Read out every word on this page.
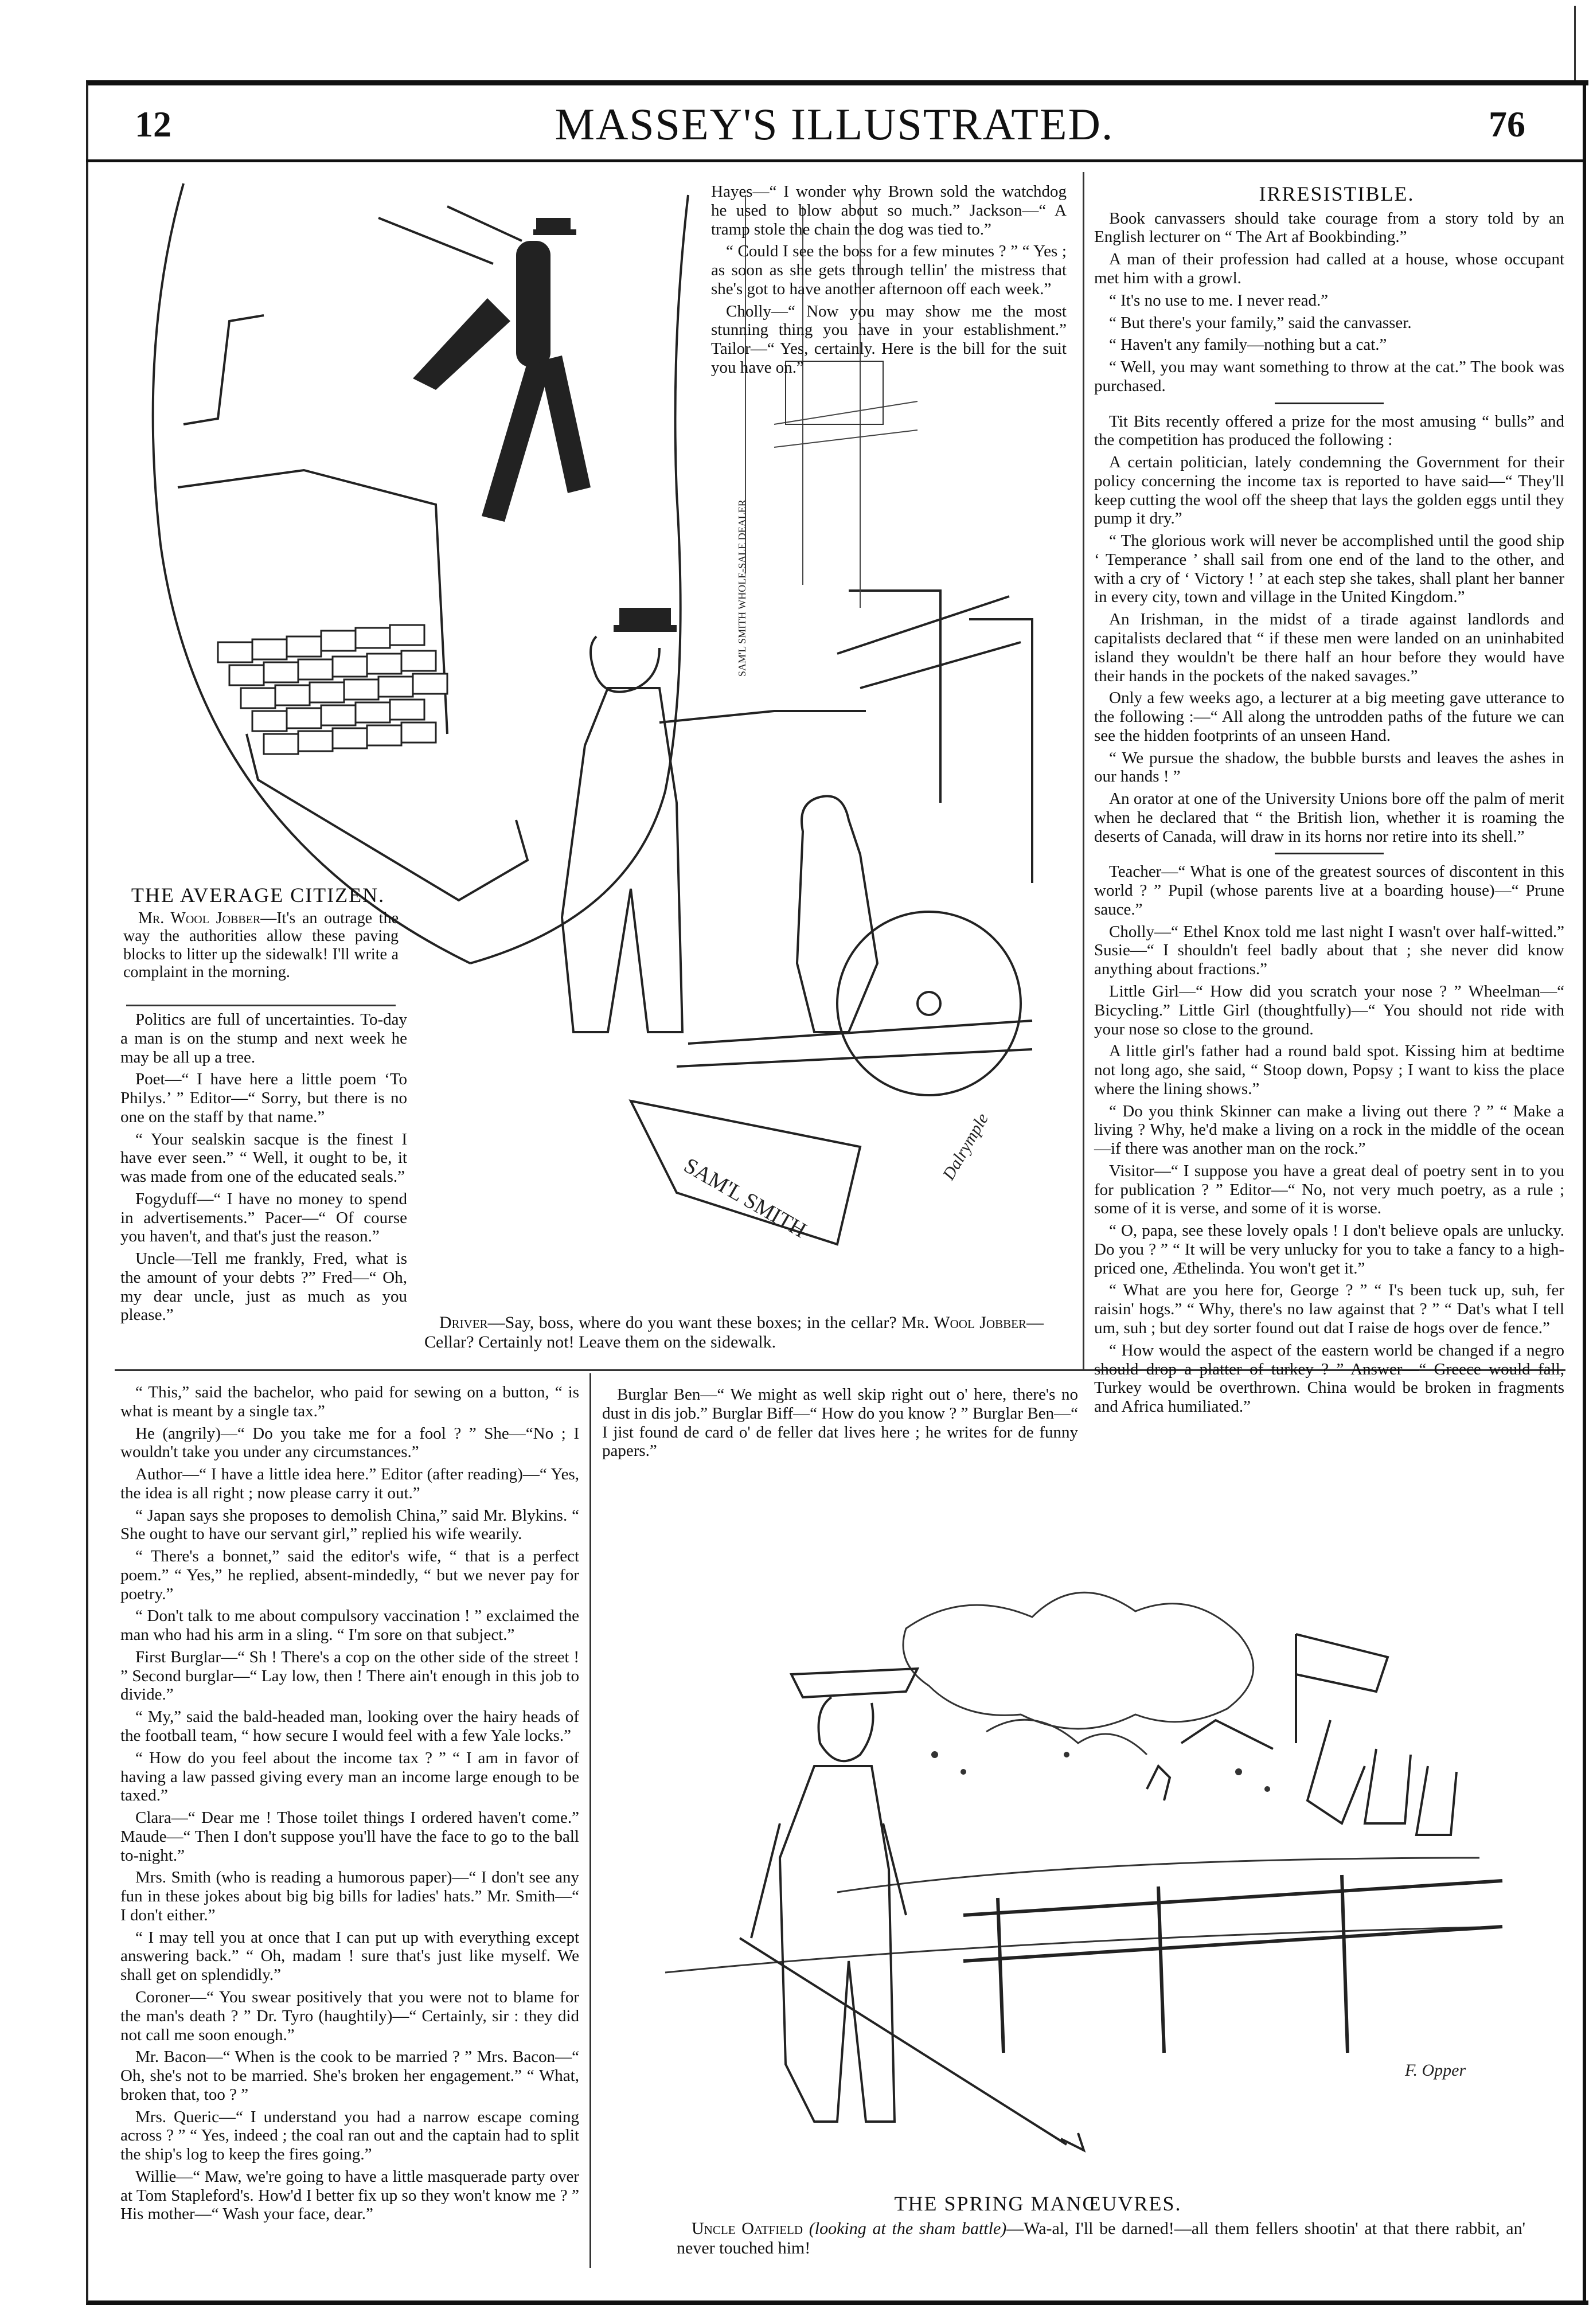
12	MASSEY'S ILLUSTRATED.	76
SAM'L SMITH WHOLE-SALE DEALER
SAM'L SMITH
Dalrymple

Hayes—“ I wonder why Brown sold the watchdog he used to blow about so much.” Jackson—“ A tramp stole the chain the dog was tied to.”

“ Could I see the boss for a few minutes ? ” “ Yes ; as soon as she gets through tellin' the mistress that she's got to have another afternoon off each week.”

Cholly—“ Now you may show me the most stunning thing you have in your establishment.” Tailor—“ Yes, certainly. Here is the bill for the suit you have on.”

THE AVERAGE CITIZEN.

Mr. Wool Jobber—It's an outrage the way the authorities allow these paving blocks to litter up the sidewalk! I'll write a complaint in the morning.

Politics are full of uncertainties. To-day a man is on the stump and next week he may be all up a tree.

Poet—“ I have here a little poem ‘To Philys.’ ” Editor—“ Sorry, but there is no one on the staff by that name.”

“ Your sealskin sacque is the finest I have ever seen.” “ Well, it ought to be, it was made from one of the educated seals.”

Fogyduff—“ I have no money to spend in advertisements.” Pacer—“ Of course you haven't, and that's just the reason.”

Uncle—Tell me frankly, Fred, what is the amount of your debts ?” Fred—“ Oh, my dear uncle, just as much as you please.”	Driver—Say, boss, where do you want these boxes; in the cellar? Mr. Wool Jobber—Cellar? Certainly not! Leave them on the sidewalk.

“ This,” said the bachelor, who paid for sewing on a button, “ is what is meant by a single tax.”

He (angrily)—“ Do you take me for a fool ? ” She—“No ; I wouldn't take you under any circumstances.”

Author—“ I have a little idea here.” Editor (after reading)—“ Yes, the idea is all right ; now please carry it out.”

“ Japan says she proposes to demolish China,” said Mr. Blykins. “ She ought to have our servant girl,” replied his wife wearily.

“ There's a bonnet,” said the editor's wife, “ that is a perfect poem.” “ Yes,” he replied, absent-mindedly, “ but we never pay for poetry.”

“ Don't talk to me about compulsory vaccination ! ” exclaimed the man who had his arm in a sling. “ I'm sore on that subject.”

First Burglar—“ Sh ! There's a cop on the other side of the street ! ” Second burglar—“ Lay low, then ! There ain't enough in this job to divide.”

“ My,” said the bald-headed man, looking over the hairy heads of the football team, “ how secure I would feel with a few Yale locks.”

“ How do you feel about the income tax ? ” “ I am in favor of having a law passed giving every man an income large enough to be taxed.”

Clara—“ Dear me ! Those toilet things I ordered haven't come.” Maude—“ Then I don't suppose you'll have the face to go to the ball to-night.”

Mrs. Smith (who is reading a humorous paper)—“ I don't see any fun in these jokes about big big bills for ladies' hats.” Mr. Smith—“ I don't either.”

“ I may tell you at once that I can put up with everything except answering back.” “ Oh, madam ! sure that's just like myself. We shall get on splendidly.”

Coroner—“ You swear positively that you were not to blame for the man's death ? ” Dr. Tyro (haughtily)—“ Certainly, sir : they did not call me soon enough.”

Mr. Bacon—“ When is the cook to be married ? ” Mrs. Bacon—“ Oh, she's not to be married. She's broken her engagement.” “ What, broken that, too ? ”

Mrs. Queric—“ I understand you had a narrow escape coming across ? ” “ Yes, indeed ; the coal ran out and the captain had to split the ship's log to keep the fires going.”

Willie—“ Maw, we're going to have a little masquerade party over at Tom Stapleford's. How'd I better fix up so they won't know me ? ” His mother—“ Wash your face, dear.”

Burglar Ben—“ We might as well skip right out o' here, there's no dust in dis job.” Burglar Biff—“ How do you know ? ” Burglar Ben—“ I jist found de card o' de feller dat lives here ; he writes for de funny papers.”

IRRESISTIBLE.

Book canvassers should take courage from a story told by an English lecturer on “ The Art af Bookbinding.”

A man of their profession had called at a house, whose occupant met him with a growl.

“ It's no use to me. I never read.”

“ But there's your family,” said the canvasser.

“ Haven't any family—nothing but a cat.”

“ Well, you may want something to throw at the cat.” The book was purchased.

Tit Bits recently offered a prize for the most amusing “ bulls” and the competition has produced the following :

A certain politician, lately condemning the Government for their policy concerning the income tax is reported to have said—“ They'll keep cutting the wool off the sheep that lays the golden eggs until they pump it dry.”

“ The glorious work will never be accomplished until the good ship ‘ Temperance ’ shall sail from one end of the land to the other, and with a cry of ‘ Victory ! ’ at each step she takes, shall plant her banner in every city, town and village in the United Kingdom.”

An Irishman, in the midst of a tirade against landlords and capitalists declared that “ if these men were landed on an uninhabited island they wouldn't be there half an hour before they would have their hands in the pockets of the naked savages.”

Only a few weeks ago, a lecturer at a big meeting gave utterance to the following :—“ All along the untrodden paths of the future we can see the hidden footprints of an unseen Hand.

“ We pursue the shadow, the bubble bursts and leaves the ashes in our hands ! ”

An orator at one of the University Unions bore off the palm of merit when he declared that “ the British lion, whether it is roaming the deserts of Canada, will draw in its horns nor retire into its shell.”

Teacher—“ What is one of the greatest sources of discontent in this world ? ” Pupil (whose parents live at a boarding house)—“ Prune sauce.”

Cholly—“ Ethel Knox told me last night I wasn't over half-witted.” Susie—“ I shouldn't feel badly about that ; she never did know anything about fractions.”

Little Girl—“ How did you scratch your nose ? ” Wheelman—“ Bicycling.” Little Girl (thoughtfully)—“ You should not ride with your nose so close to the ground.

A little girl's father had a round bald spot. Kissing him at bedtime not long ago, she said, “ Stoop down, Popsy ; I want to kiss the place where the lining shows.”

“ Do you think Skinner can make a living out there ? ” “ Make a living ? Why, he'd make a living on a rock in the middle of the ocean—if there was another man on the rock.”

Visitor—“ I suppose you have a great deal of poetry sent in to you for publication ? ” Editor—“ No, not very much poetry, as a rule ; some of it is verse, and some of it is worse.

“ O, papa, see these lovely opals ! I don't believe opals are unlucky. Do you ? ” “ It will be very unlucky for you to take a fancy to a high-priced one, Æthelinda. You won't get it.”

“ What are you here for, George ? ” “ I's been tuck up, suh, fer raisin' hogs.” “ Why, there's no law against that ? ” “ Dat's what I tell um, suh ; but dey sorter found out dat I raise de hogs over de fence.”

“ How would the aspect of the eastern world be changed if a negro should drop a platter of turkey ? ” Answer—“ Greece would fall, Turkey would be overthrown. China would be broken in fragments and Africa humiliated.”

F. Opper
THE SPRING MANŒUVRES.

Uncle Oatfield (looking at the sham battle)—Wa-al, I'll be darned!—all them fellers shootin' at that there rabbit, an' never touched him!
